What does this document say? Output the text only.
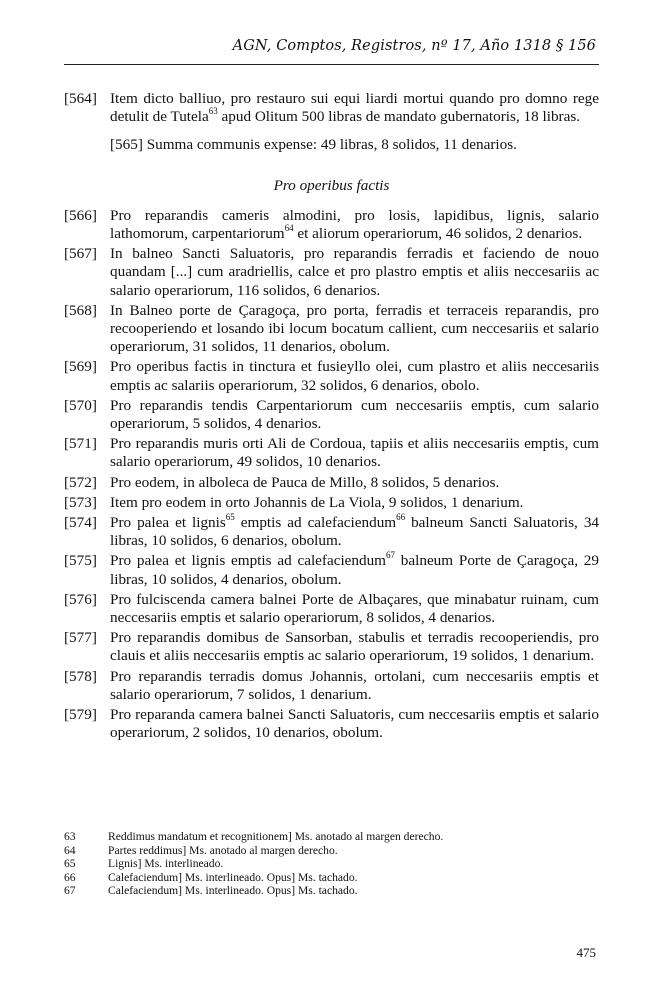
AGN, Comptos, Registros, nº 17, Año 1318 § 156
[564] Item dicto balliuo, pro restauro sui equi liardi mortui quando pro domno rege detulit de Tutela$^{63}$ apud Olitum 500 libras de mandato gubernatoris, 18 libras.
[565] Summa communis expense: 49 libras, 8 solidos, 11 denarios.
Pro operibus factis
[566] Pro reparandis cameris almodini, pro losis, lapidibus, lignis, salario lathomorum, carpentariorum$^{64}$ et aliorum operariorum, 46 solidos, 2 denarios.
[567] In balneo Sancti Saluatoris, pro reparandis ferradis et faciendo de nouo quandam [...] cum aradriellis, calce et pro plastro emptis et aliis neccesariis ac salario operariorum, 116 solidos, 6 denarios.
[568] In Balneo porte de Çaragoça, pro porta, ferradis et terraceis reparandis, pro recooperiendo et losando ibi locum bocatum callient, cum neccesariis et salario operariorum, 31 solidos, 11 denarios, obolum.
[569] Pro operibus factis in tinctura et fusieyllo olei, cum plastro et aliis neccesariis emptis ac salariis operariorum, 32 solidos, 6 denarios, obolo.
[570] Pro reparandis tendis Carpentariorum cum neccesariis emptis, cum salario operariorum, 5 solidos, 4 denarios.
[571] Pro reparandis muris orti Ali de Cordoua, tapiis et aliis neccesariis emptis, cum salario operariorum, 49 solidos, 10 denarios.
[572] Pro eodem, in alboleca de Pauca de Millo, 8 solidos, 5 denarios.
[573] Item pro eodem in orto Johannis de La Viola, 9 solidos, 1 denarium.
[574] Pro palea et lignis$^{65}$ emptis ad calefaciendum$^{66}$ balneum Sancti Saluatoris, 34 libras, 10 solidos, 6 denarios, obolum.
[575] Pro palea et lignis emptis ad calefaciendum$^{67}$ balneum Porte de Çaragoça, 29 libras, 10 solidos, 4 denarios, obolum.
[576] Pro fulciscenda camera balnei Porte de Albaçares, que minabatur ruinam, cum neccesariis emptis et salario operariorum, 8 solidos, 4 denarios.
[577] Pro reparandis domibus de Sansorban, stabulis et terradis recooperiendis, pro clauis et aliis neccesariis emptis ac salario operariorum, 19 solidos, 1 denarium.
[578] Pro reparandis terradis domus Johannis, ortolani, cum neccesariis emptis et salario operariorum, 7 solidos, 1 denarium.
[579] Pro reparanda camera balnei Sancti Saluatoris, cum neccesariis emptis et salario operariorum, 2 solidos, 10 denarios, obolum.
63	Reddimus mandatum et recognitionem] Ms. anotado al margen derecho.
64	Partes reddimus] Ms. anotado al margen derecho.
65	Lignis] Ms. interlineado.
66	Calefaciendum] Ms. interlineado. Opus] Ms. tachado.
67	Calefaciendum] Ms. interlineado. Opus] Ms. tachado.
475
